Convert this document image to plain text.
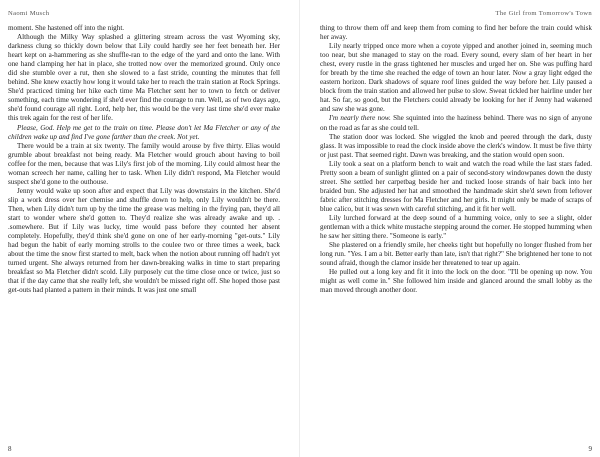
Naomi Musch

moment. She hastened off into the night.

Although the Milky Way splashed a glittering stream across the vast Wyoming sky, darkness clung so thickly down below that Lily could hardly see her feet beneath her. Her heart kept on a-hammering as she shuffle-ran to the edge of the yard and onto the lane. With one hand clamping her hat in place, she trotted now over the memorized ground. Only once did she stumble over a rut, then she slowed to a fast stride, counting the minutes that fell behind. She knew exactly how long it would take her to reach the train station at Rock Springs. She'd practiced timing her hike each time Ma Fletcher sent her to town to fetch or deliver something, each time wondering if she'd ever find the courage to run. Well, as of two days ago, she'd found courage all right. Lord, help her, this would be the very last time she'd ever make this trek again for the rest of her life.

Please, God. Help me get to the train on time. Please don't let Ma Fletcher or any of the children wake up and find I've gone farther than the creek. Not yet.

There would be a train at six twenty. The family would arouse by five thirty. Elias would grumble about breakfast not being ready. Ma Fletcher would grouch about having to boil coffee for the men, because that was Lily's first job of the morning. Lily could almost hear the woman screech her name, calling her to task. When Lily didn't respond, Ma Fletcher would suspect she'd gone to the outhouse.

Jenny would wake up soon after and expect that Lily was downstairs in the kitchen. She'd slip a work dress over her chemise and shuffle down to help, only Lily wouldn't be there. Then, when Lily didn't turn up by the time the grease was melting in the frying pan, they'd all start to wonder where she'd gotten to. They'd realize she was already awake and up. . .somewhere. But if Lily was lucky, time would pass before they counted her absent completely. Hopefully, they'd think she'd gone on one of her early-morning "get-outs." Lily had begun the habit of early morning strolls to the coulee two or three times a week, back about the time the snow first started to melt, back when the notion about running off hadn't yet turned urgent. She always returned from her dawn-breaking walks in time to start preparing breakfast so Ma Fletcher didn't scold. Lily purposely cut the time close once or twice, just so that if the day came that she really left, she wouldn't be missed right off. She hoped those past get-outs had planted a pattern in their minds. It was just one small

8
The Girl from Tomorrow's Town

thing to throw them off and keep them from coming to find her before the train could whisk her away.

Lily nearly tripped once more when a coyote yipped and another joined in, seeming much too near, but she managed to stay on the road. Every sound, every slam of her heart in her chest, every rustle in the grass tightened her muscles and urged her on. She was puffing hard for breath by the time she reached the edge of town an hour later. Now a gray light edged the eastern horizon. Dark shadows of square roof lines guided the way before her. Lily paused a block from the train station and allowed her pulse to slow. Sweat tickled her hairline under her hat. So far, so good, but the Fletchers could already be looking for her if Jenny had wakened and saw she was gone.

I'm nearly there now. She squinted into the haziness behind. There was no sign of anyone on the road as far as she could tell.

The station door was locked. She wiggled the knob and peered through the dark, dusty glass. It was impossible to read the clock inside above the clerk's window. It must be five thirty or just past. That seemed right. Dawn was breaking, and the station would open soon.

Lily took a seat on a platform bench to wait and watch the road while the last stars faded. Pretty soon a beam of sunlight glinted on a pair of second-story windowpanes down the dusty street. She settled her carpetbag beside her and tucked loose strands of hair back into her braided bun. She adjusted her hat and smoothed the handmade skirt she'd sewn from leftover fabric after stitching dresses for Ma Fletcher and her girls. It might only be made of scraps of blue calico, but it was sewn with careful stitching, and it fit her well.

Lily lurched forward at the deep sound of a humming voice, only to see a slight, older gentleman with a thick white mustache stepping around the corner. He stopped humming when he saw her sitting there. "Someone is early."

She plastered on a friendly smile, her cheeks tight but hopefully no longer flushed from her long run. "Yes. I am a bit. Better early than late, isn't that right?" She brightened her tone to not sound afraid, though the clamor inside her threatened to tear up again.

He pulled out a long key and fit it into the lock on the door. "I'll be opening up now. You might as well come in." She followed him inside and glanced around the small lobby as the man moved through another door.

9
